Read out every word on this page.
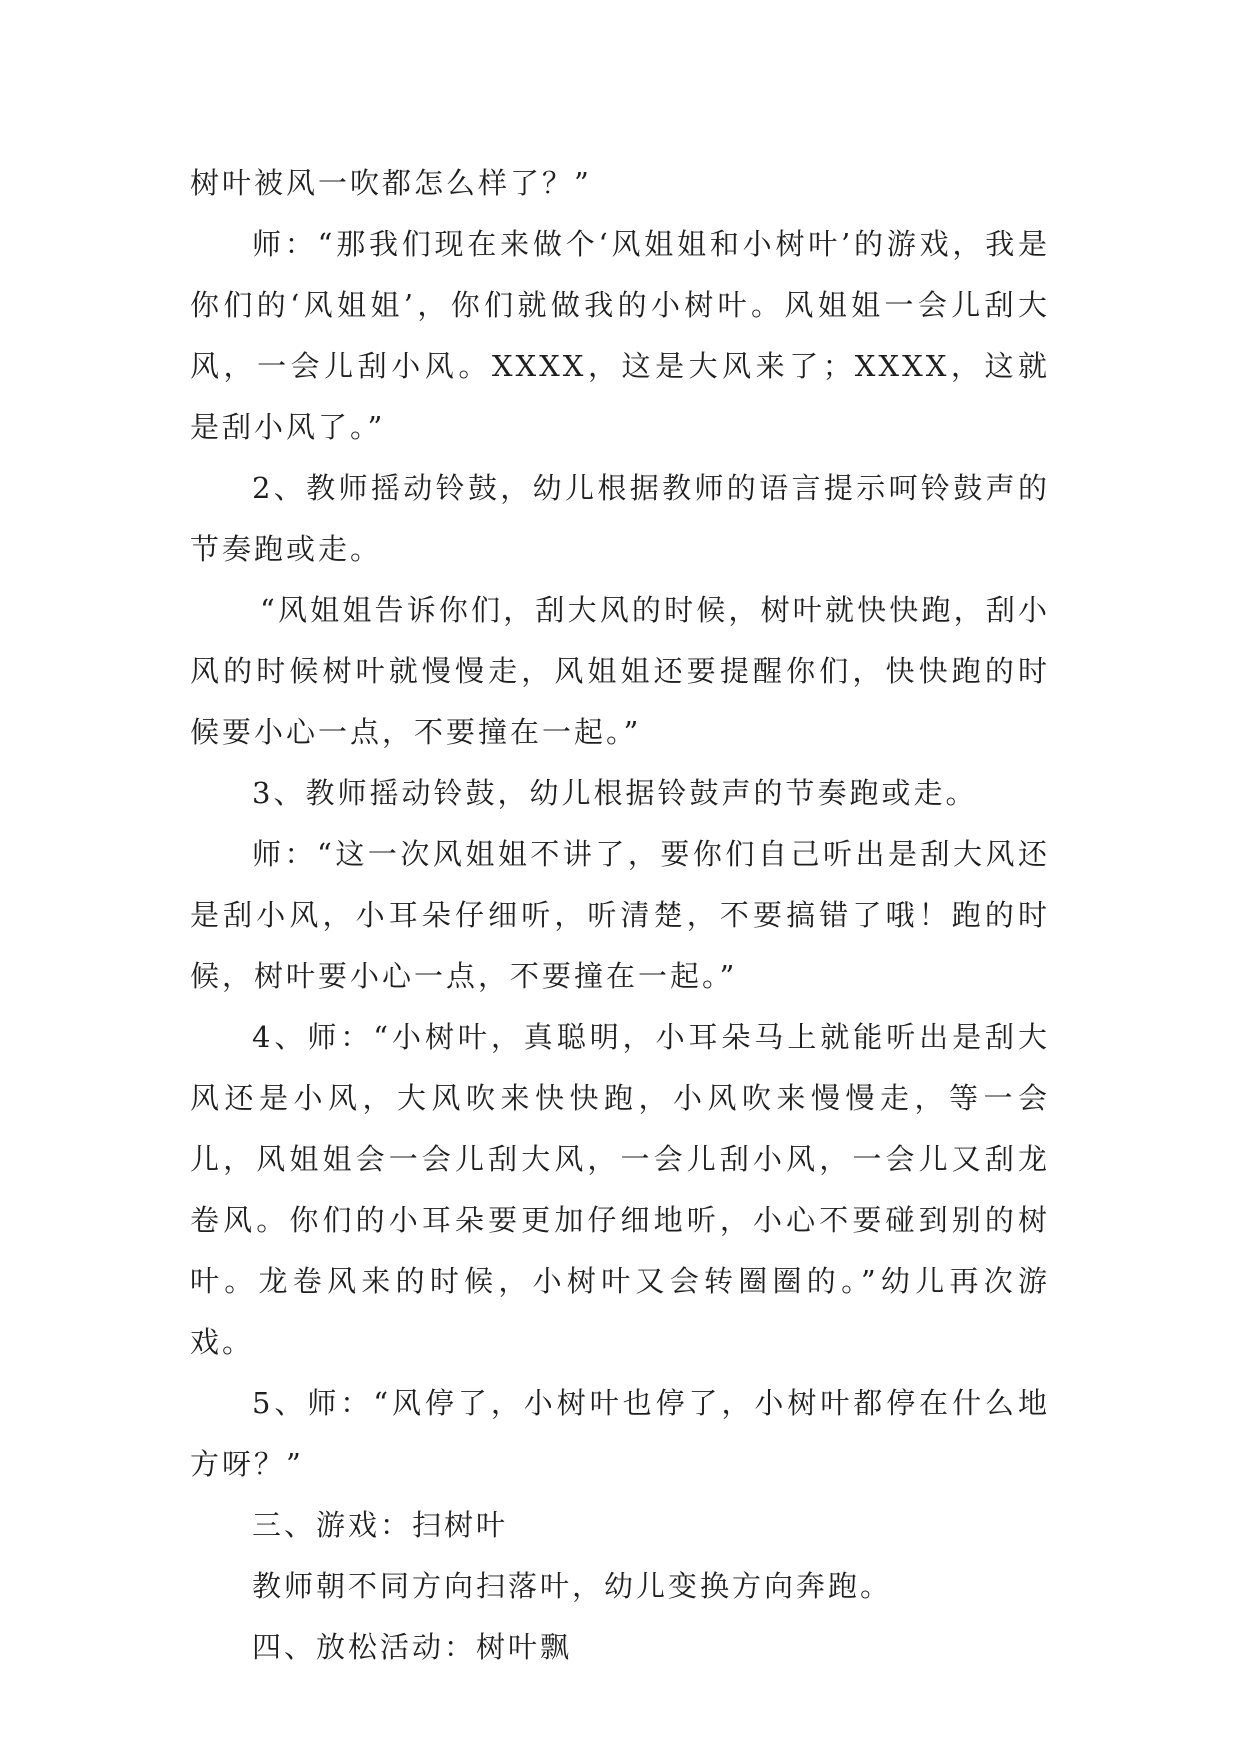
树叶被风一吹都怎么样了？”

师：“那我们现在来做个‘风姐姐和小树叶’的游戏，我是你们的‘风姐姐’，你们就做我的小树叶。风姐姐一会儿刮大风，一会儿刮小风。XXXX，这是大风来了；XXXX，这就是刮小风了。”

2、教师摇动铃鼓，幼儿根据教师的语言提示呵铃鼓声的节奏跑或走。

“风姐姐告诉你们，刮大风的时候，树叶就快快跑，刮小风的时候树叶就慢慢走，风姐姐还要提醒你们，快快跑的时候要小心一点，不要撞在一起。”

3、教师摇动铃鼓，幼儿根据铃鼓声的节奏跑或走。

师：“这一次风姐姐不讲了，要你们自己听出是刮大风还是刮小风，小耳朵仔细听，听清楚，不要搞错了哦！跑的时候，树叶要小心一点，不要撞在一起。”

4、师：“小树叶，真聪明，小耳朵马上就能听出是刮大风还是小风，大风吹来快快跑，小风吹来慢慢走，等一会儿，风姐姐会一会儿刮大风，一会儿刮小风，一会儿又刮龙卷风。你们的小耳朵要更加仔细地听，小心不要碰到别的树叶。龙卷风来的时候，小树叶又会转圈圈的。”幼儿再次游戏。

5、师：“风停了，小树叶也停了，小树叶都停在什么地方呀？”

三、游戏：扫树叶

教师朝不同方向扫落叶，幼儿变换方向奔跑。

四、放松活动：树叶飘
